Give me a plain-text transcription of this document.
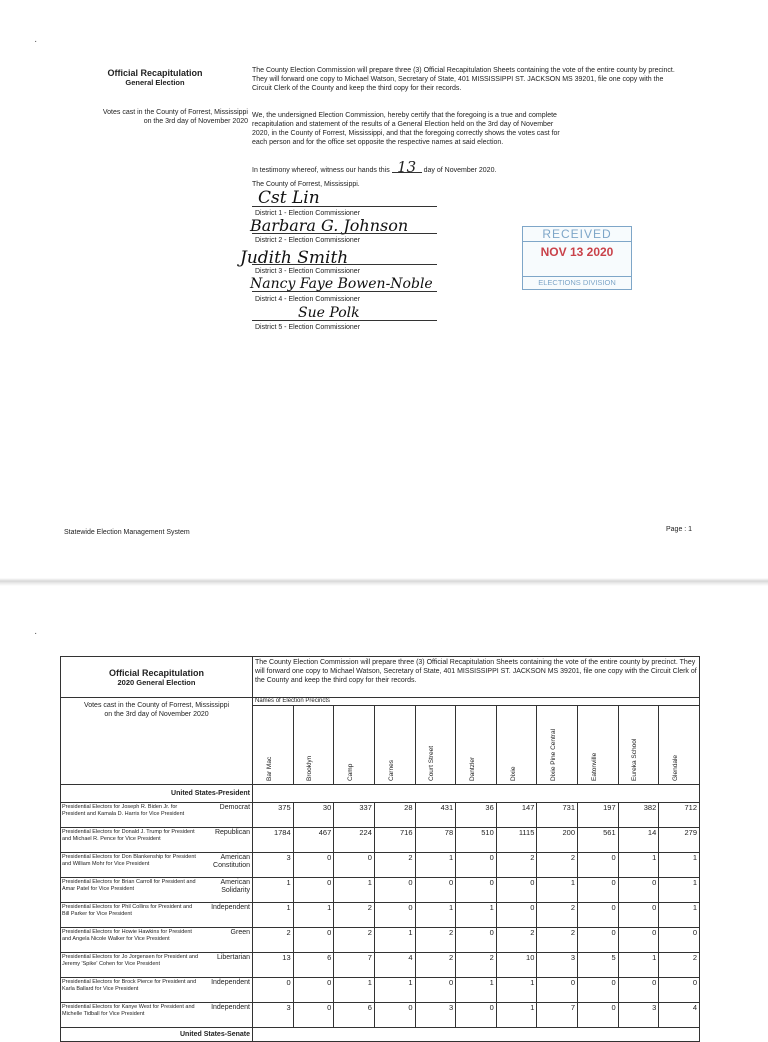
·
Official Recapitulation
General Election
The County Election Commission will prepare three (3) Official Recapitulation Sheets containing the vote of the entire county by precinct. They will forward one copy to Michael Watson, Secretary of State, 401 MISSISSIPPI ST. JACKSON MS 39201, file one copy with the Circuit Clerk of the County and keep the third copy for their records.
Votes cast in the County of Forrest, Mississippi
on the 3rd day of November 2020
We, the undersigned Election Commission, hereby certify that the foregoing is a true and complete recapitulation and statement of the results of a General Election held on the 3rd day of November 2020, in the County of Forrest, Mississippi, and that the foregoing correctly shows the votes cast for each person and for the office set opposite the respective names at said election.
In testimony whereof, witness our hands this 13 day of November 2020.
The County of Forrest, Mississippi.
Cst Lin
District 1 - Election Commissioner
Barbara G. Johnson
District 2 - Election Commissioner
Judith Smith
District 3 - Election Commissioner
Nancy Faye Bowen-Noble
District 4 - Election Commissioner
Sue Polk
District 5 - Election Commissioner
RECEIVED
NOV 13 2020
ELECTIONS DIVISION
Statewide Election Management System	Page : 1
·
Official Recapitulation
2020 General Election		The County Election Commission will prepare three (3) Official Recapitulation Sheets containing the vote of the entire county by precinct. They will forward one copy to Michael Watson, Secretary of State, 401 MISSISSIPPI ST. JACKSON MS 39201, file one copy with the Circuit Clerk of the County and keep the third copy for their records.										

Votes cast in the County of Forrest, Mississippi
on the 3rd day of November 2020		Names of Election Precincts										

		Bar Mac	Brooklyn	Camp	Carnes	Court Street	Dantzler	Dixie	Dixie Pine Central	Eatonville	Eureka School	Glendale

United States-President												
Presidential Electors for Joseph R. Biden Jr. for President and Kamala D. Harris for Vice President	Democrat	375	30	337	28	431	36	147	731	197	382	712
Presidential Electors for Donald J. Trump for President and Michael R. Pence for Vice President	Republican	1784	467	224	716	78	510	1115	200	561	14	279
Presidential Electors for Don Blankenship for President and William Mohr for Vice President	American Constitution	3	0	0	2	1	0	2	2	0	1	1
Presidential Electors for Brian Carroll for President and Amar Patel for Vice President	American Solidarity	1	0	1	0	0	0	0	1	0	0	1
Presidential Electors for Phil Collins for President and Bill Parker for Vice President	Independent	1	1	2	0	1	1	0	2	0	0	1
Presidential Electors for Howie Hawkins for President and Angela Nicole Walker for Vice President	Green	2	0	2	1	2	0	2	2	0	0	0
Presidential Electors for Jo Jorgensen for President and Jeremy 'Spike' Cohen for Vice President	Libertarian	13	6	7	4	2	2	10	3	5	1	2
Presidential Electors for Brock Pierce for President and Karla Ballard for Vice President	Independent	0	0	1	1	0	1	1	0	0	0	0
Presidential Electors for Kanye West for President and Michelle Tidball for Vice President	Independent	3	0	6	0	3	0	1	7	0	3	4
United States-Senate												
